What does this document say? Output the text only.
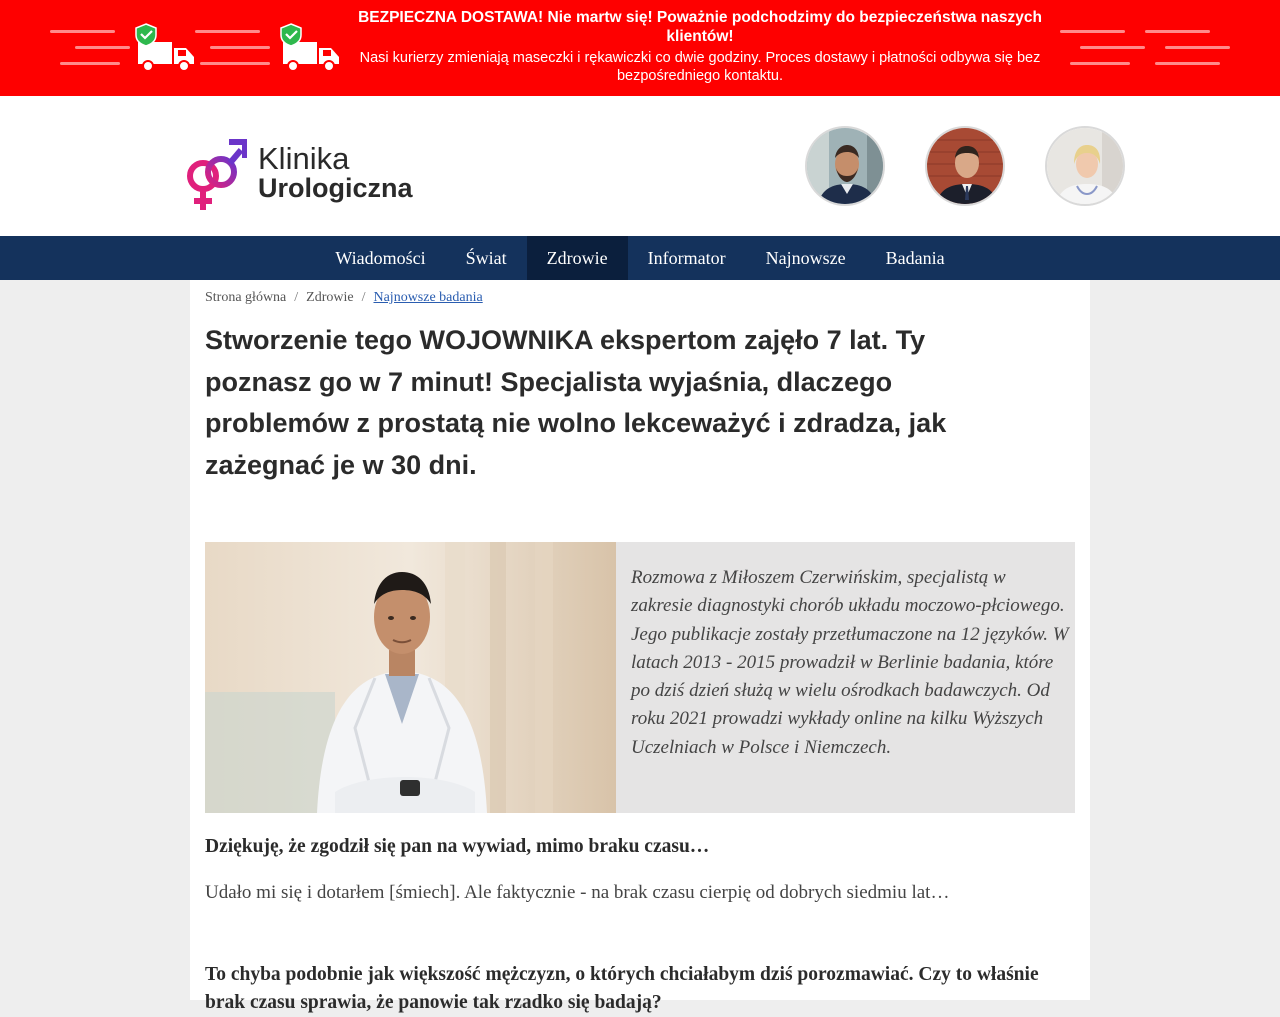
BEZPIECZNA DOSTAWA! Nie martw się! Poważnie podchodzimy do bezpieczeństwa naszych klientów!
Nasi kurierzy zmieniają maseczki i rękawiczki co dwie godziny. Proces dostawy i płatności odbywa się bez bezpośredniego kontaktu.
Klinika
Urologiczna
Wiadomości	Świat	Zdrowie	Informator	Najnowsze	Badania
Strona główna / Zdrowie / Najnowsze badania
Stworzenie tego WOJOWNIKA ekspertom zajęło 7 lat. Ty poznasz go w 7 minut! Specjalista wyjaśnia, dlaczego problemów z prostatą nie wolno lekceważyć i zdradza, jak zażegnać je w 30 dni.
Rozmowa z Miłoszem Czerwińskim, specjalistą w zakresie diagnostyki chorób układu moczowo-płciowego. Jego publikacje zostały przetłumaczone na 12 języków. W latach 2013 - 2015 prowadził w Berlinie badania, które po dziś dzień służą w wielu ośrodkach badawczych. Od roku 2021 prowadzi wykłady online na kilku Wyższych Uczelniach w Polsce i Niemczech.

Dziękuję, że zgodził się pan na wywiad, mimo braku czasu…

Udało mi się i dotarłem [śmiech]. Ale faktycznie - na brak czasu cierpię od dobrych siedmiu lat…

To chyba podobnie jak większość mężczyzn, o których chciałabym dziś porozmawiać. Czy to właśnie brak czasu sprawia, że panowie tak rzadko się badają?
